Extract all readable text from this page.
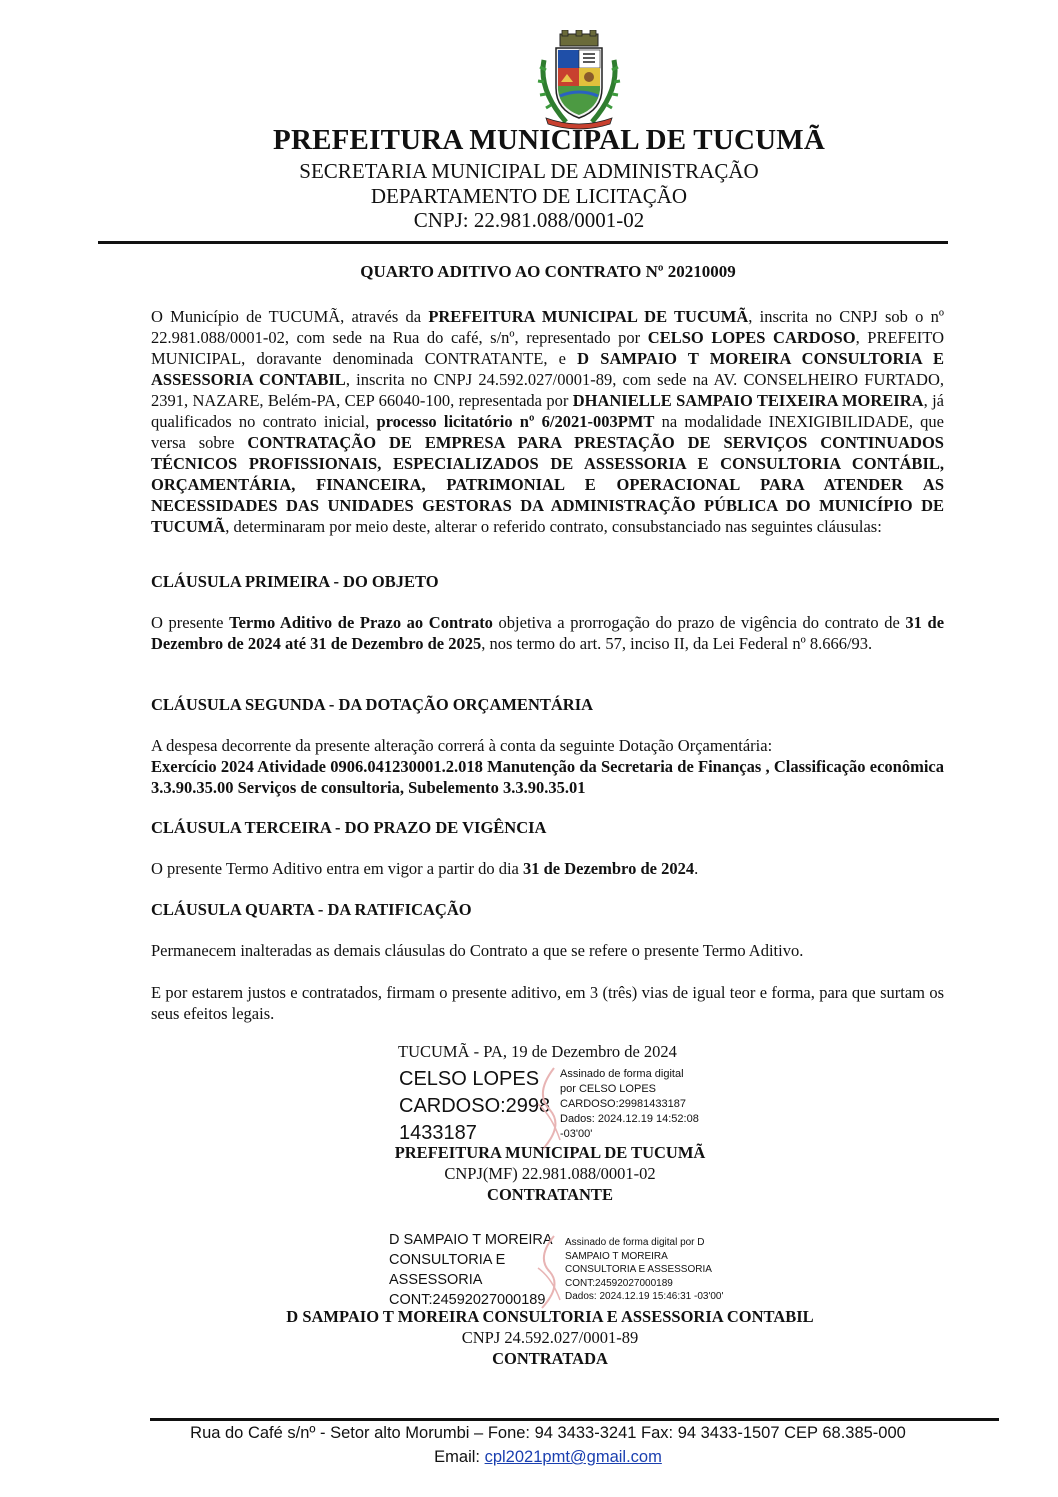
PREFEITURA MUNICIPAL DE TUCUMÃ
SECRETARIA MUNICIPAL DE ADMINISTRAÇÃO
DEPARTAMENTO DE LICITAÇÃO
CNPJ: 22.981.088/0001-02
QUARTO ADITIVO AO CONTRATO Nº 20210009
O Município de TUCUMÃ, através da PREFEITURA MUNICIPAL DE TUCUMÃ, inscrita no CNPJ sob o nº 22.981.088/0001-02, com sede na Rua do café, s/nº, representado por CELSO LOPES CARDOSO, PREFEITO MUNICIPAL, doravante denominada CONTRATANTE, e D SAMPAIO T MOREIRA CONSULTORIA E ASSESSORIA CONTABIL, inscrita no CNPJ 24.592.027/0001-89, com sede na AV. CONSELHEIRO FURTADO, 2391, NAZARE, Belém-PA, CEP 66040-100, representada por DHANIELLE SAMPAIO TEIXEIRA MOREIRA, já qualificados no contrato inicial, processo licitatório nº 6/2021-003PMT na modalidade INEXIGIBILIDADE, que versa sobre CONTRATAÇÃO DE EMPRESA PARA PRESTAÇÃO DE SERVIÇOS CONTINUADOS TÉCNICOS PROFISSIONAIS, ESPECIALIZADOS DE ASSESSORIA E CONSULTORIA CONTÁBIL, ORÇAMENTÁRIA, FINANCEIRA, PATRIMONIAL E OPERACIONAL PARA ATENDER AS NECESSIDADES DAS UNIDADES GESTORAS DA ADMINISTRAÇÃO PÚBLICA DO MUNICÍPIO DE TUCUMÃ, determinaram por meio deste, alterar o referido contrato, consubstanciado nas seguintes cláusulas:
CLÁUSULA PRIMEIRA - DO OBJETO
O presente Termo Aditivo de Prazo ao Contrato objetiva a prorrogação do prazo de vigência do contrato de 31 de Dezembro de 2024 até 31 de Dezembro de 2025, nos termo do art. 57, inciso II, da Lei Federal nº 8.666/93.
CLÁUSULA SEGUNDA - DA DOTAÇÃO ORÇAMENTÁRIA
A despesa decorrente da presente alteração correrá à conta da seguinte Dotação Orçamentária:
Exercício 2024 Atividade 0906.041230001.2.018 Manutenção da Secretaria de Finanças , Classificação econômica 3.3.90.35.00 Serviços de consultoria, Subelemento 3.3.90.35.01
CLÁUSULA TERCEIRA - DO PRAZO DE VIGÊNCIA
O presente Termo Aditivo entra em vigor a partir do dia 31 de Dezembro de 2024.
CLÁUSULA QUARTA - DA RATIFICAÇÃO
Permanecem inalteradas as demais cláusulas do Contrato a que se refere o presente Termo Aditivo.
E por estarem justos e contratados, firmam o presente aditivo, em 3 (três) vias de igual teor e forma, para que surtam os seus efeitos legais.
TUCUMÃ - PA, 19 de Dezembro de 2024
CELSO LOPES
CARDOSO:2998
1433187
Assinado de forma digital
por CELSO LOPES
CARDOSO:29981433187
Dados: 2024.12.19 14:52:08
-03'00'
PREFEITURA MUNICIPAL DE TUCUMÃ
CNPJ(MF) 22.981.088/0001-02
CONTRATANTE
D SAMPAIO T MOREIRA
CONSULTORIA E
ASSESSORIA
CONT:24592027000189
Assinado de forma digital por D
SAMPAIO T MOREIRA
CONSULTORIA E ASSESSORIA
CONT:24592027000189
Dados: 2024.12.19 15:46:31 -03'00'
D SAMPAIO T MOREIRA CONSULTORIA E ASSESSORIA CONTABIL
CNPJ 24.592.027/0001-89
CONTRATADA
Rua do Café s/nº - Setor alto Morumbi – Fone: 94 3433-3241 Fax: 94 3433-1507 CEP 68.385-000
Email: cpl2021pmt@gmail.com
